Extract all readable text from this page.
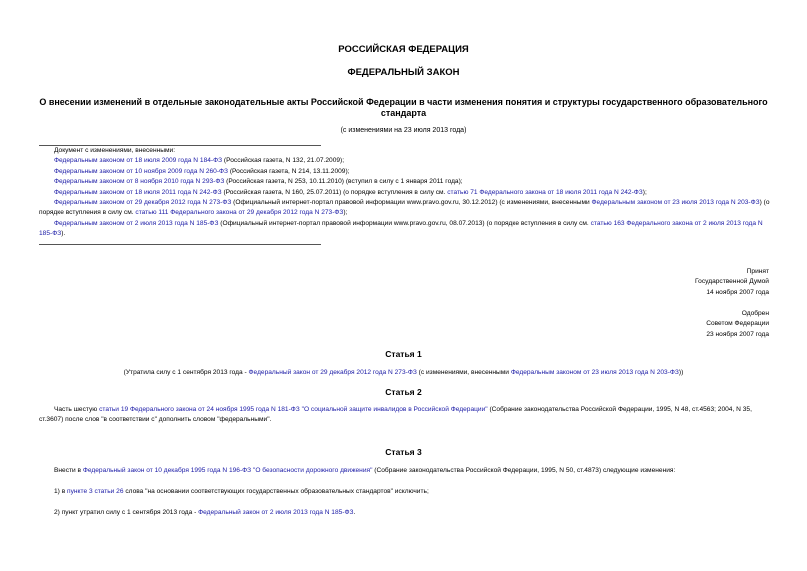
РОССИЙСКАЯ ФЕДЕРАЦИЯ
ФЕДЕРАЛЬНЫЙ ЗАКОН
О внесении изменений в отдельные законодательные акты Российской Федерации в части изменения понятия и структуры государственного образовательного
стандарта
(с изменениями на 23 июля 2013 года)

Документ с изменениями, внесенными:

Федеральным законом от 18 июля 2009 года N 184-ФЗ (Российская газета, N 132, 21.07.2009);

Федеральным законом от 10 ноября 2009 года N 260-ФЗ (Российская газета, N 214, 13.11.2009);

Федеральным законом от 8 ноября 2010 года N 293-ФЗ (Российская газета, N 253, 10.11.2010) (вступил в силу с 1 января 2011 года);

Федеральным законом от 18 июля 2011 года N 242-ФЗ (Российская газета, N 160, 25.07.2011) (о порядке вступления в силу см. статью 71 Федерального закона от 18 июля 2011 года N 242-ФЗ);

Федеральным законом от 29 декабря 2012 года N 273-ФЗ (Официальный интернет-портал правовой информации www.pravo.gov.ru, 30.12.2012) (с изменениями, внесенными Федеральным законом от 23 июля 2013 года N 203-ФЗ) (о порядке вступления в силу см. статью 111 Федерального закона от 29 декабря 2012 года N 273-ФЗ);

Федеральным законом от 2 июля 2013 года N 185-ФЗ (Официальный интернет-портал правовой информации www.pravo.gov.ru, 08.07.2013) (о порядке вступления в силу см. статью 163 Федерального закона от 2 июля 2013 года N 185-ФЗ).

Принят
Государственной Думой
14 ноября 2007 года
Одобрен
Советом Федерации
23 ноября 2007 года
Статья 1
(Утратила силу с 1 сентября 2013 года - Федеральный закон от 29 декабря 2012 года N 273-ФЗ (с изменениями, внесенными Федеральным законом от 23 июля 2013 года N 203-ФЗ))
Статья 2
Часть шестую статьи 19 Федерального закона от 24 ноября 1995 года N 181-ФЗ "О социальной защите инвалидов в Российской Федерации" (Собрание законодательства Российской Федерации, 1995, N 48, ст.4563; 2004, N 35, ст.3607) после слов "в соответствии с" дополнить словом "федеральными".
Статья 3
Внести в Федеральный закон от 10 декабря 1995 года N 196-ФЗ "О безопасности дорожного движения" (Собрание законодательства Российской Федерации, 1995, N 50, ст.4873) следующие изменения:
1) в пункте 3 статьи 26 слова "на основании соответствующих государственных образовательных стандартов" исключить;
2) пункт утратил силу с 1 сентября 2013 года - Федеральный закон от 2 июля 2013 года N 185-ФЗ.
